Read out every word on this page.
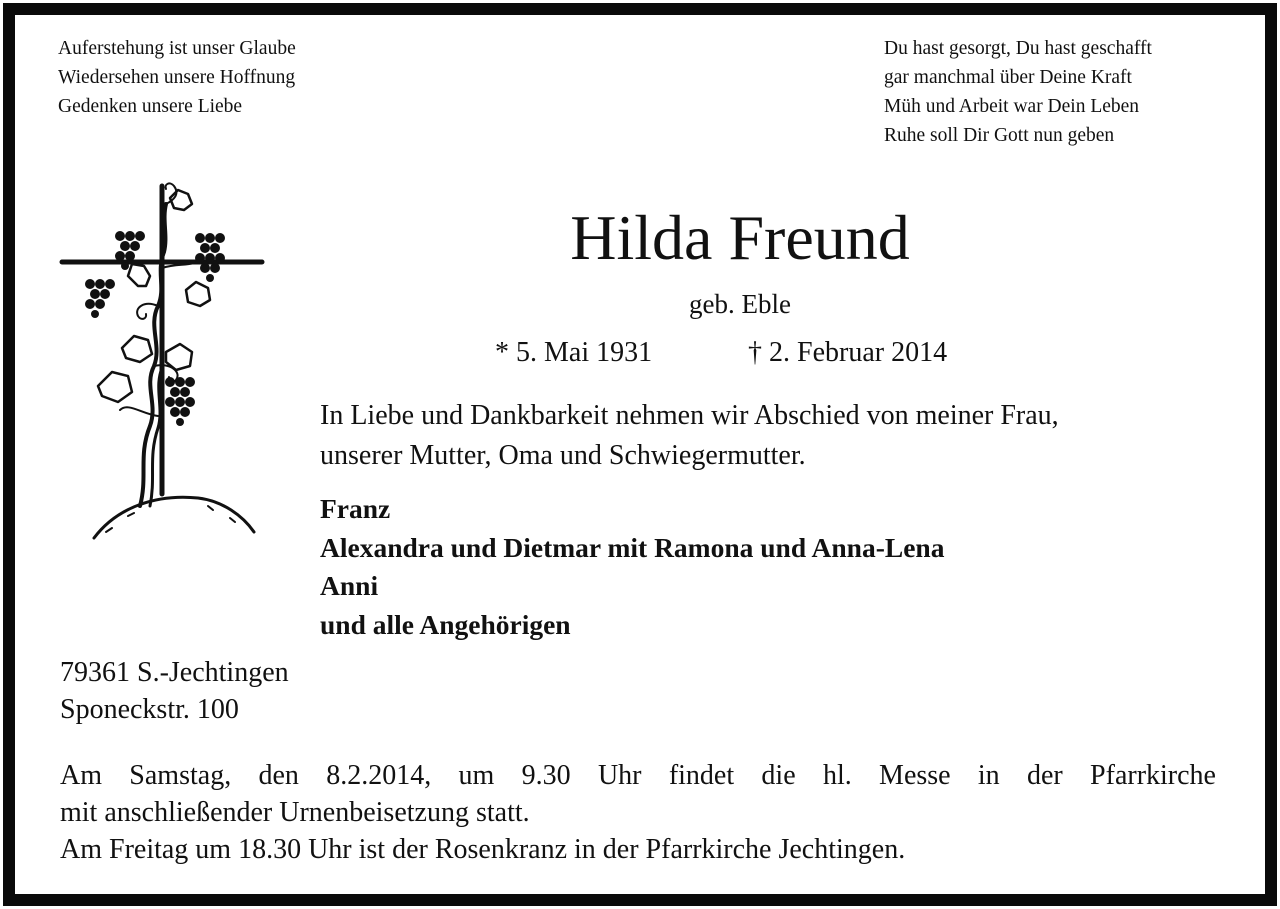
Auferstehung ist unser Glaube
Wiedersehen unsere Hoffnung
Gedenken unsere Liebe
Du hast gesorgt, Du hast geschafft
gar manchmal über Deine Kraft
Müh und Arbeit war Dein Leben
Ruhe soll Dir Gott nun geben
Hilda Freund
geb. Eble
* 5. Mai 1931	† 2. Februar 2014
In Liebe und Dankbarkeit nehmen wir Abschied von meiner Frau,
unserer Mutter, Oma und Schwiegermutter.
Franz
Alexandra und Dietmar mit Ramona und Anna-Lena
Anni
und alle Angehörigen
79361 S.-Jechtingen
Sponeckstr. 100
Am Samstag, den 8.2.2014, um 9.30 Uhr findet die hl. Messe in der Pfarrkirche
mit anschließender Urnenbeisetzung statt.
Am Freitag um 18.30 Uhr ist der Rosenkranz in der Pfarrkirche Jechtingen.
